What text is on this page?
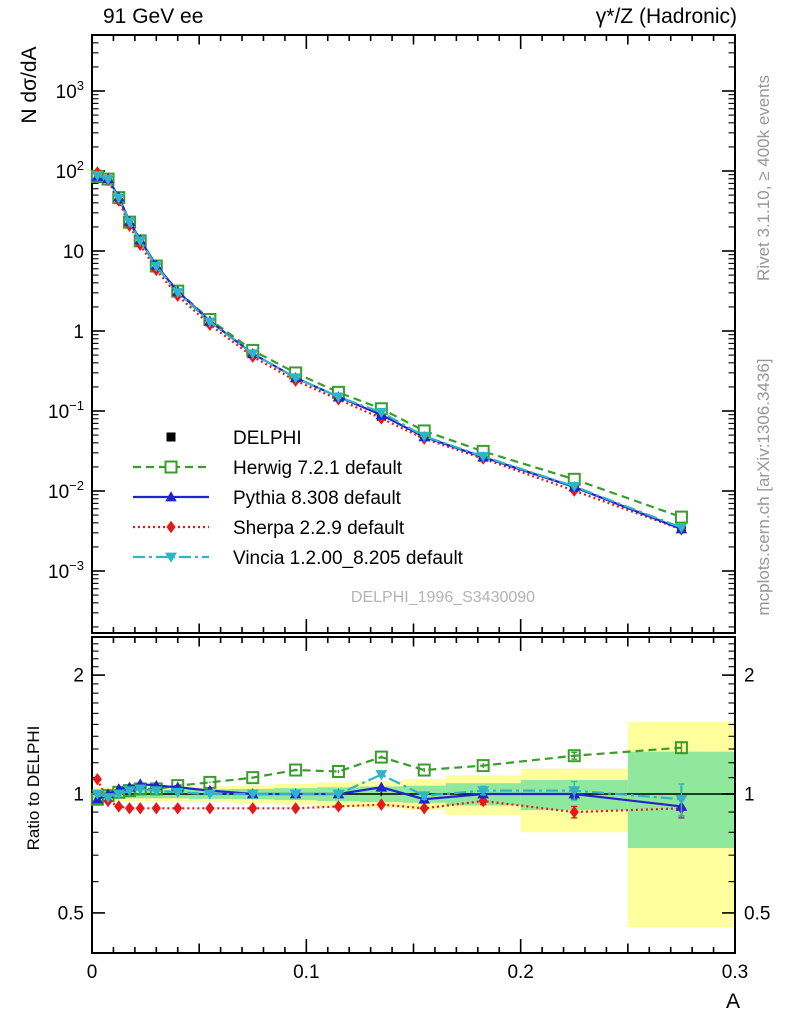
91 GeV ee	γ*/Z (Hadronic)
N dσ/dA
Ratio to DELPHI
Rivet 3.1.10, ≥ 400k events
mcplots.cern.ch [arXiv:1306.3436]
DELPHI_1996_S3430090
A
0	0.1	0.2	0.3
$10^3$
$10^2$
10
1
$10^{-1}$
$10^{-2}$
$10^{-3}$
2	2
1	1
0.5	0.5
DELPHI
Herwig 7.2.1 default
Pythia 8.308 default
Sherpa 2.2.9 default
Vincia 1.2.00_8.205 default
